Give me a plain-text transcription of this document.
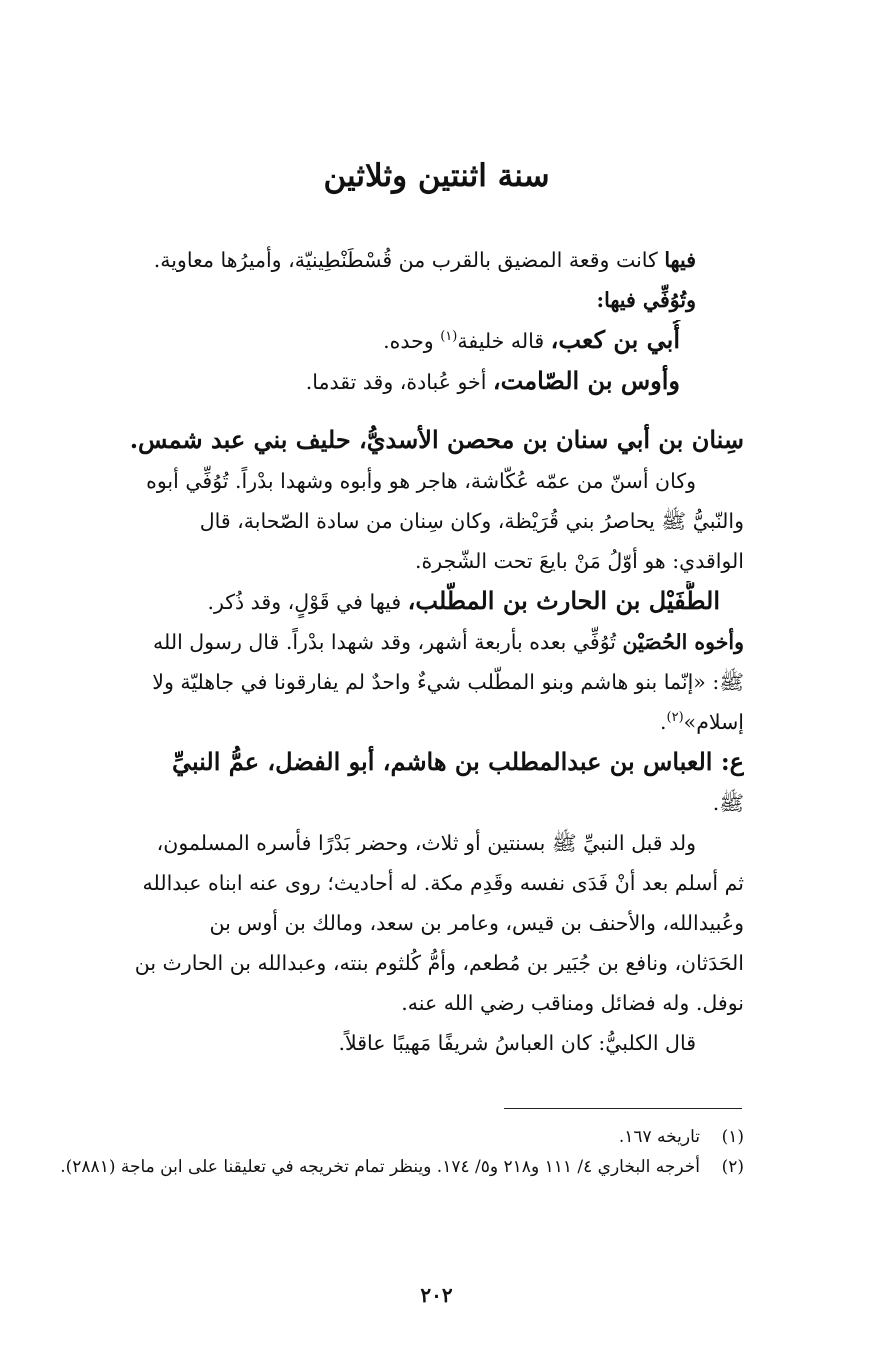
سنة اثنتين وثلاثين
فيها كانت وقعة المضيق بالقرب من قُسْطَنْطِينيّة، وأميرُها معاوية.
وتُوُفِّي فيها:
أُبي بن كعب، قاله خليفة$^{(١)}$ وحده.
وأوس بن الصّامت، أخو عُبادة، وقد تقدما.
سِنان بن أبي سنان بن محصن الأسديُّ، حليف بني عبد شمس.
وكان أسنّ من عمّه عُكّاشة، هاجر هو وأبوه وشهدا بدْراً. تُوُفِّي أبوه
والنّبيُّ ﷺ يحاصرُ بني قُرَيْظة، وكان سِنان من سادة الصّحابة، قال
الواقدي: هو أوّلُ مَنْ بايعَ تحت الشّجرة.
الطُّفَيْل بن الحارث بن المطّلب، فيها في قَوْلٍ، وقد ذُكر.
وأخوه الحُصَيْن تُوُفِّي بعده بأربعة أشهر، وقد شهدا بدْراً. قال رسول الله
ﷺ: «إنّما بنو هاشم وبنو المطّلب شيءٌ واحدٌ لم يفارقونا في جاهليّة ولا
إسلام»$^{(٢)}$.
ع: العباس بن عبدالمطلب بن هاشم، أبو الفضل، عمُّ النبيِّ
ﷺ.
ولد قبل النبيِّ ﷺ بسنتين أو ثلاث، وحضر بَدْرًا فأسره المسلمون،
ثم أسلم بعد أنْ فَدَى نفسه وقَدِم مكة. له أحاديث؛ روى عنه ابناه عبدالله
وعُبيدالله، والأحنف بن قيس، وعامر بن سعد، ومالك بن أوس بن
الحَدَثان، ونافع بن جُبَير بن مُطعم، وأمُّ كُلثوم بنته، وعبدالله بن الحارث بن
نوفل. وله فضائل ومناقب رضي الله عنه.
قال الكلبيُّ: كان العباسُ شريفًا مَهيبًا عاقلاً.
(١)
تاريخه ١٦٧.
(٢)
أخرجه البخاري ٤/ ١١١ و٢١٨ و٥/ ١٧٤. وينظر تمام تخريجه في تعليقنا على ابن ماجة (٢٨٨١).
٢٠٢
